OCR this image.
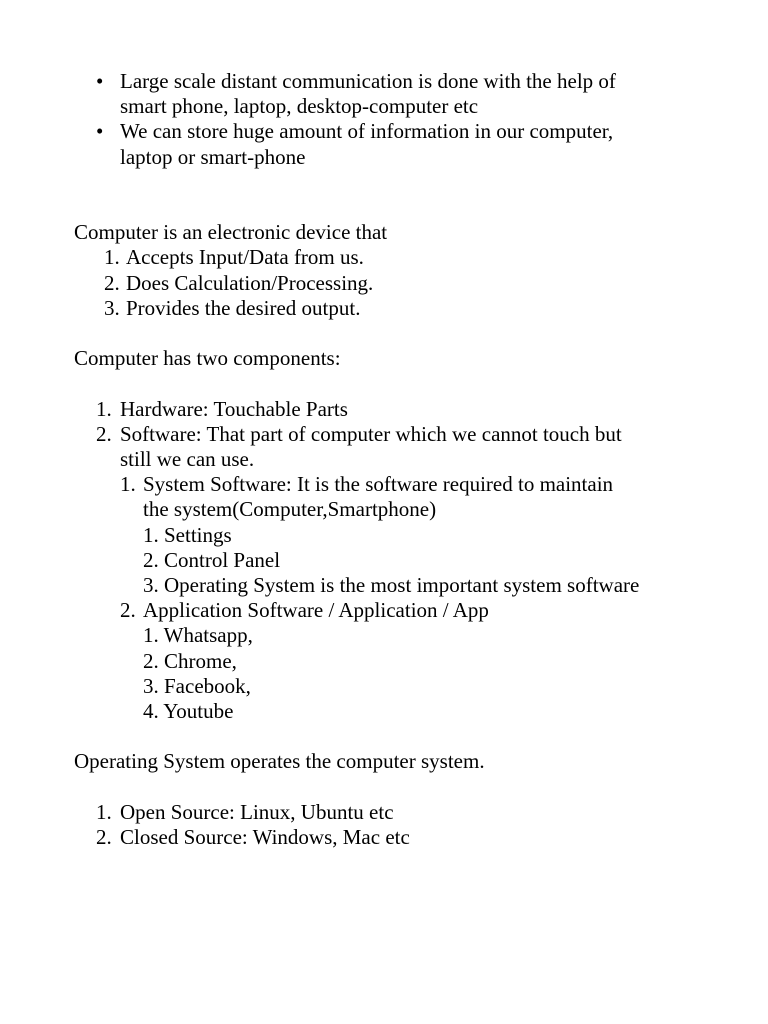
• Large scale distant communication is done with the help of

smart phone, laptop, desktop-computer etc

• We can store huge amount of information in our computer,

laptop or smart-phone

Computer is an electronic device that

1. Accepts Input/Data from us.

2. Does Calculation/Processing.

3. Provides the desired output.

Computer has two components:

1. Hardware: Touchable Parts

2. Software: That part of computer which we cannot touch but

still we can use.

1. System Software: It is the software required to maintain

the system(Computer,Smartphone)

1. Settings
2. Control Panel
3. Operating System is the most important system software
2. Application Software / Application / App

1. Whatsapp,
2. Chrome,
3. Facebook,
4. Youtube

Operating System operates the computer system.

1. Open Source: Linux, Ubuntu etc

2. Closed Source: Windows, Mac etc
